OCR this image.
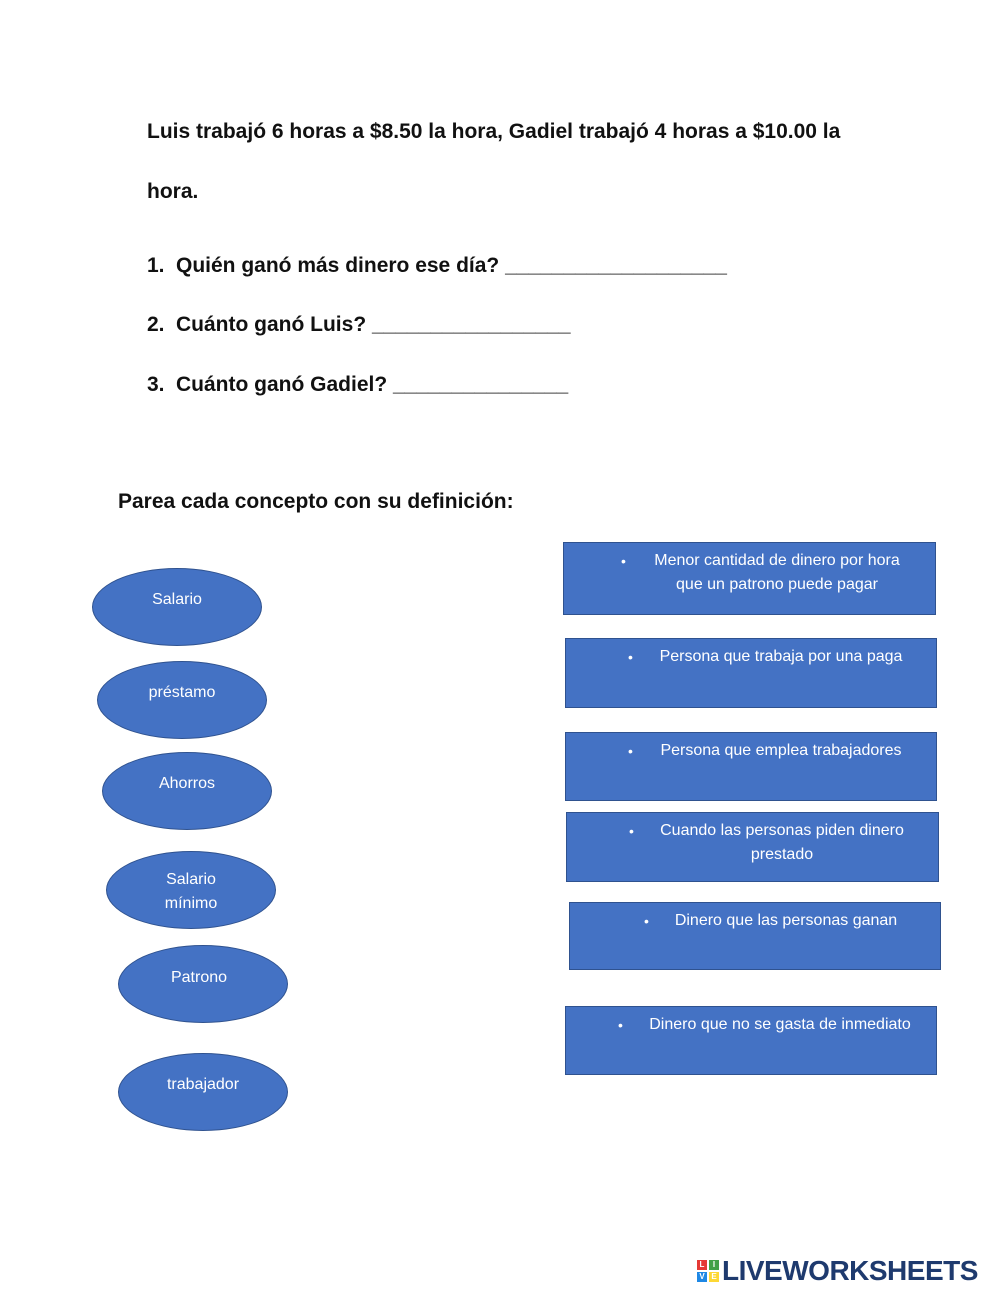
Luis trabajó 6 horas a $8.50 la hora, Gadiel trabajó 4 horas a $10.00 la
hora.
1. Quién ganó más dinero ese día? ___________________
2. Cuánto ganó Luis? _________________
3. Cuánto ganó Gadiel? _______________
Parea cada concepto con su definición:
Salario
préstamo
Ahorros
Salario
mínimo
Patrono
trabajador
•	Menor cantidad de dinero por hora
que un patrono puede pagar
•	Persona que trabaja por una paga
•	Persona que emplea trabajadores
•	Cuando las personas piden dinero
prestado
•	Dinero que las personas ganan
•	Dinero que no se gasta de inmediato
L	I
V E LIVEWORKSHEETS
